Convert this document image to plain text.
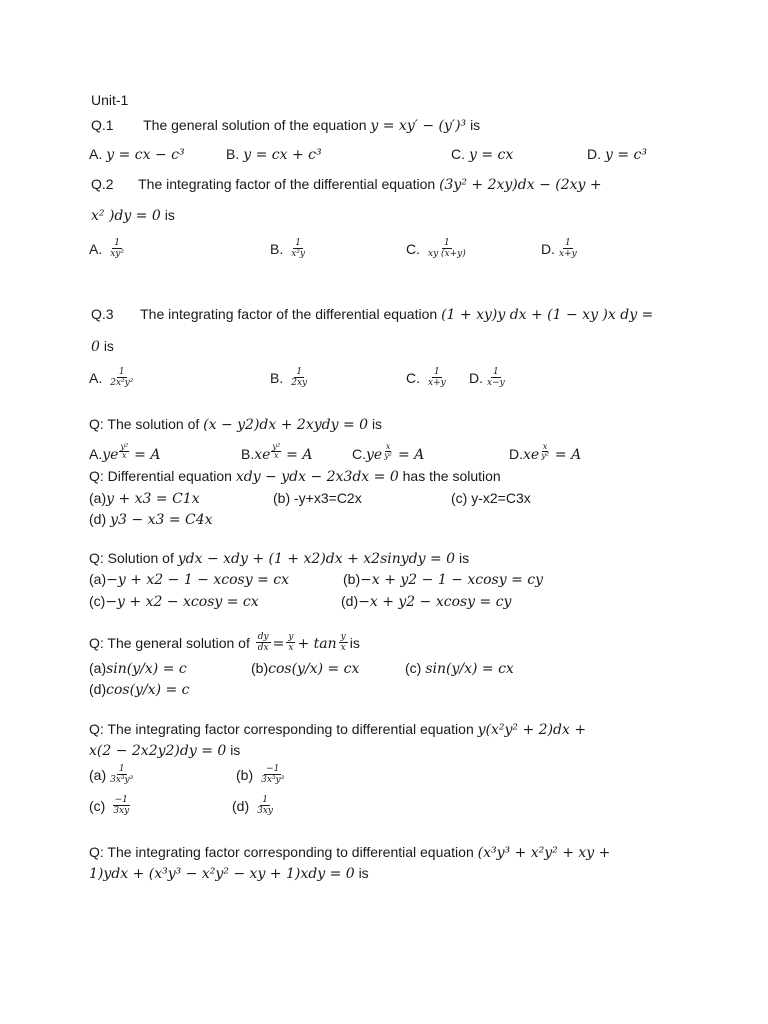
Unit-1
Q.1 The general solution of the equation y = xy′ − (y′)³ is
A. y = cx − c³	B. y = cx + c³	C. y = cx	D. y = c³
Q.2 The integrating factor of the differential equation (3y² + 2xy)dx − (2xy +
x² )dy = 0 is
A. $\frac{1}{\text{xy²}}$	B. $\frac{1}{\text{x²y}}$	C. $\frac{1}{xy (x+y)}$	D. $\frac{1}{x+y}$
Q.3 The integrating factor of the differential equation (1 + xy)y dx + (1 − xy )x dy =
0 is
A. $\frac{1}{\text{2x²y²}}$	B. $\frac{1}{2xy}$	C. $\frac{1}{x+y} D$. $\frac{1}{x-y}$
Q: The solution of (x − y2)dx + 2xydy = 0 is
$A.ye \frac{\text{y²}}{x} = A$	$B.xe \frac{\text{y²}}{x} = A$	$C.ye \frac{x}{\text{y²}} = A$	$D.xe \frac{x}{\text{y²}} = A$
Q: Differential equation xdy − ydx − 2x3dx = 0 has the solution
(a)y + x3 = C1x	(b) -y+x3=C2x	(c) y-x2=C3x
(d) y3 − x3 = C4x
Q: Solution of ydx − xdy + (1 + x2)dx + x2sinydy = 0 is
(a)−y + x2 − 1 − xcosy = cx	(b)−x + y2 − 1 − xcosy = cy
(c)−y + x2 − xcosy = cx	(d)−x + y2 − xcosy = cy
Q: The general solution of $\frac{dy}{dx} = \frac{y}{x} + \tan \frac{y}{x}$ is
(a)sin(y/x) = c	(b)cos(y/x) = cx	(c) sin(y/x) = cx
(d)cos(y/x) = c
Q: The integrating factor corresponding to differential equation y(x²y² + 2)dx +
x(2 − 2x2y2)dy = 0 is
$(a) \frac{1}{\text{3x³y³}}$	$(b) \frac{-1}{\text{3x³y³}}$
$(c) \frac{-1}{3xy}$	$(d) \frac{1}{3xy}$
Q: The integrating factor corresponding to differential equation (x³y³ + x²y² + xy +
1)ydx + (x³y³ − x²y² − xy + 1)xdy = 0 is
